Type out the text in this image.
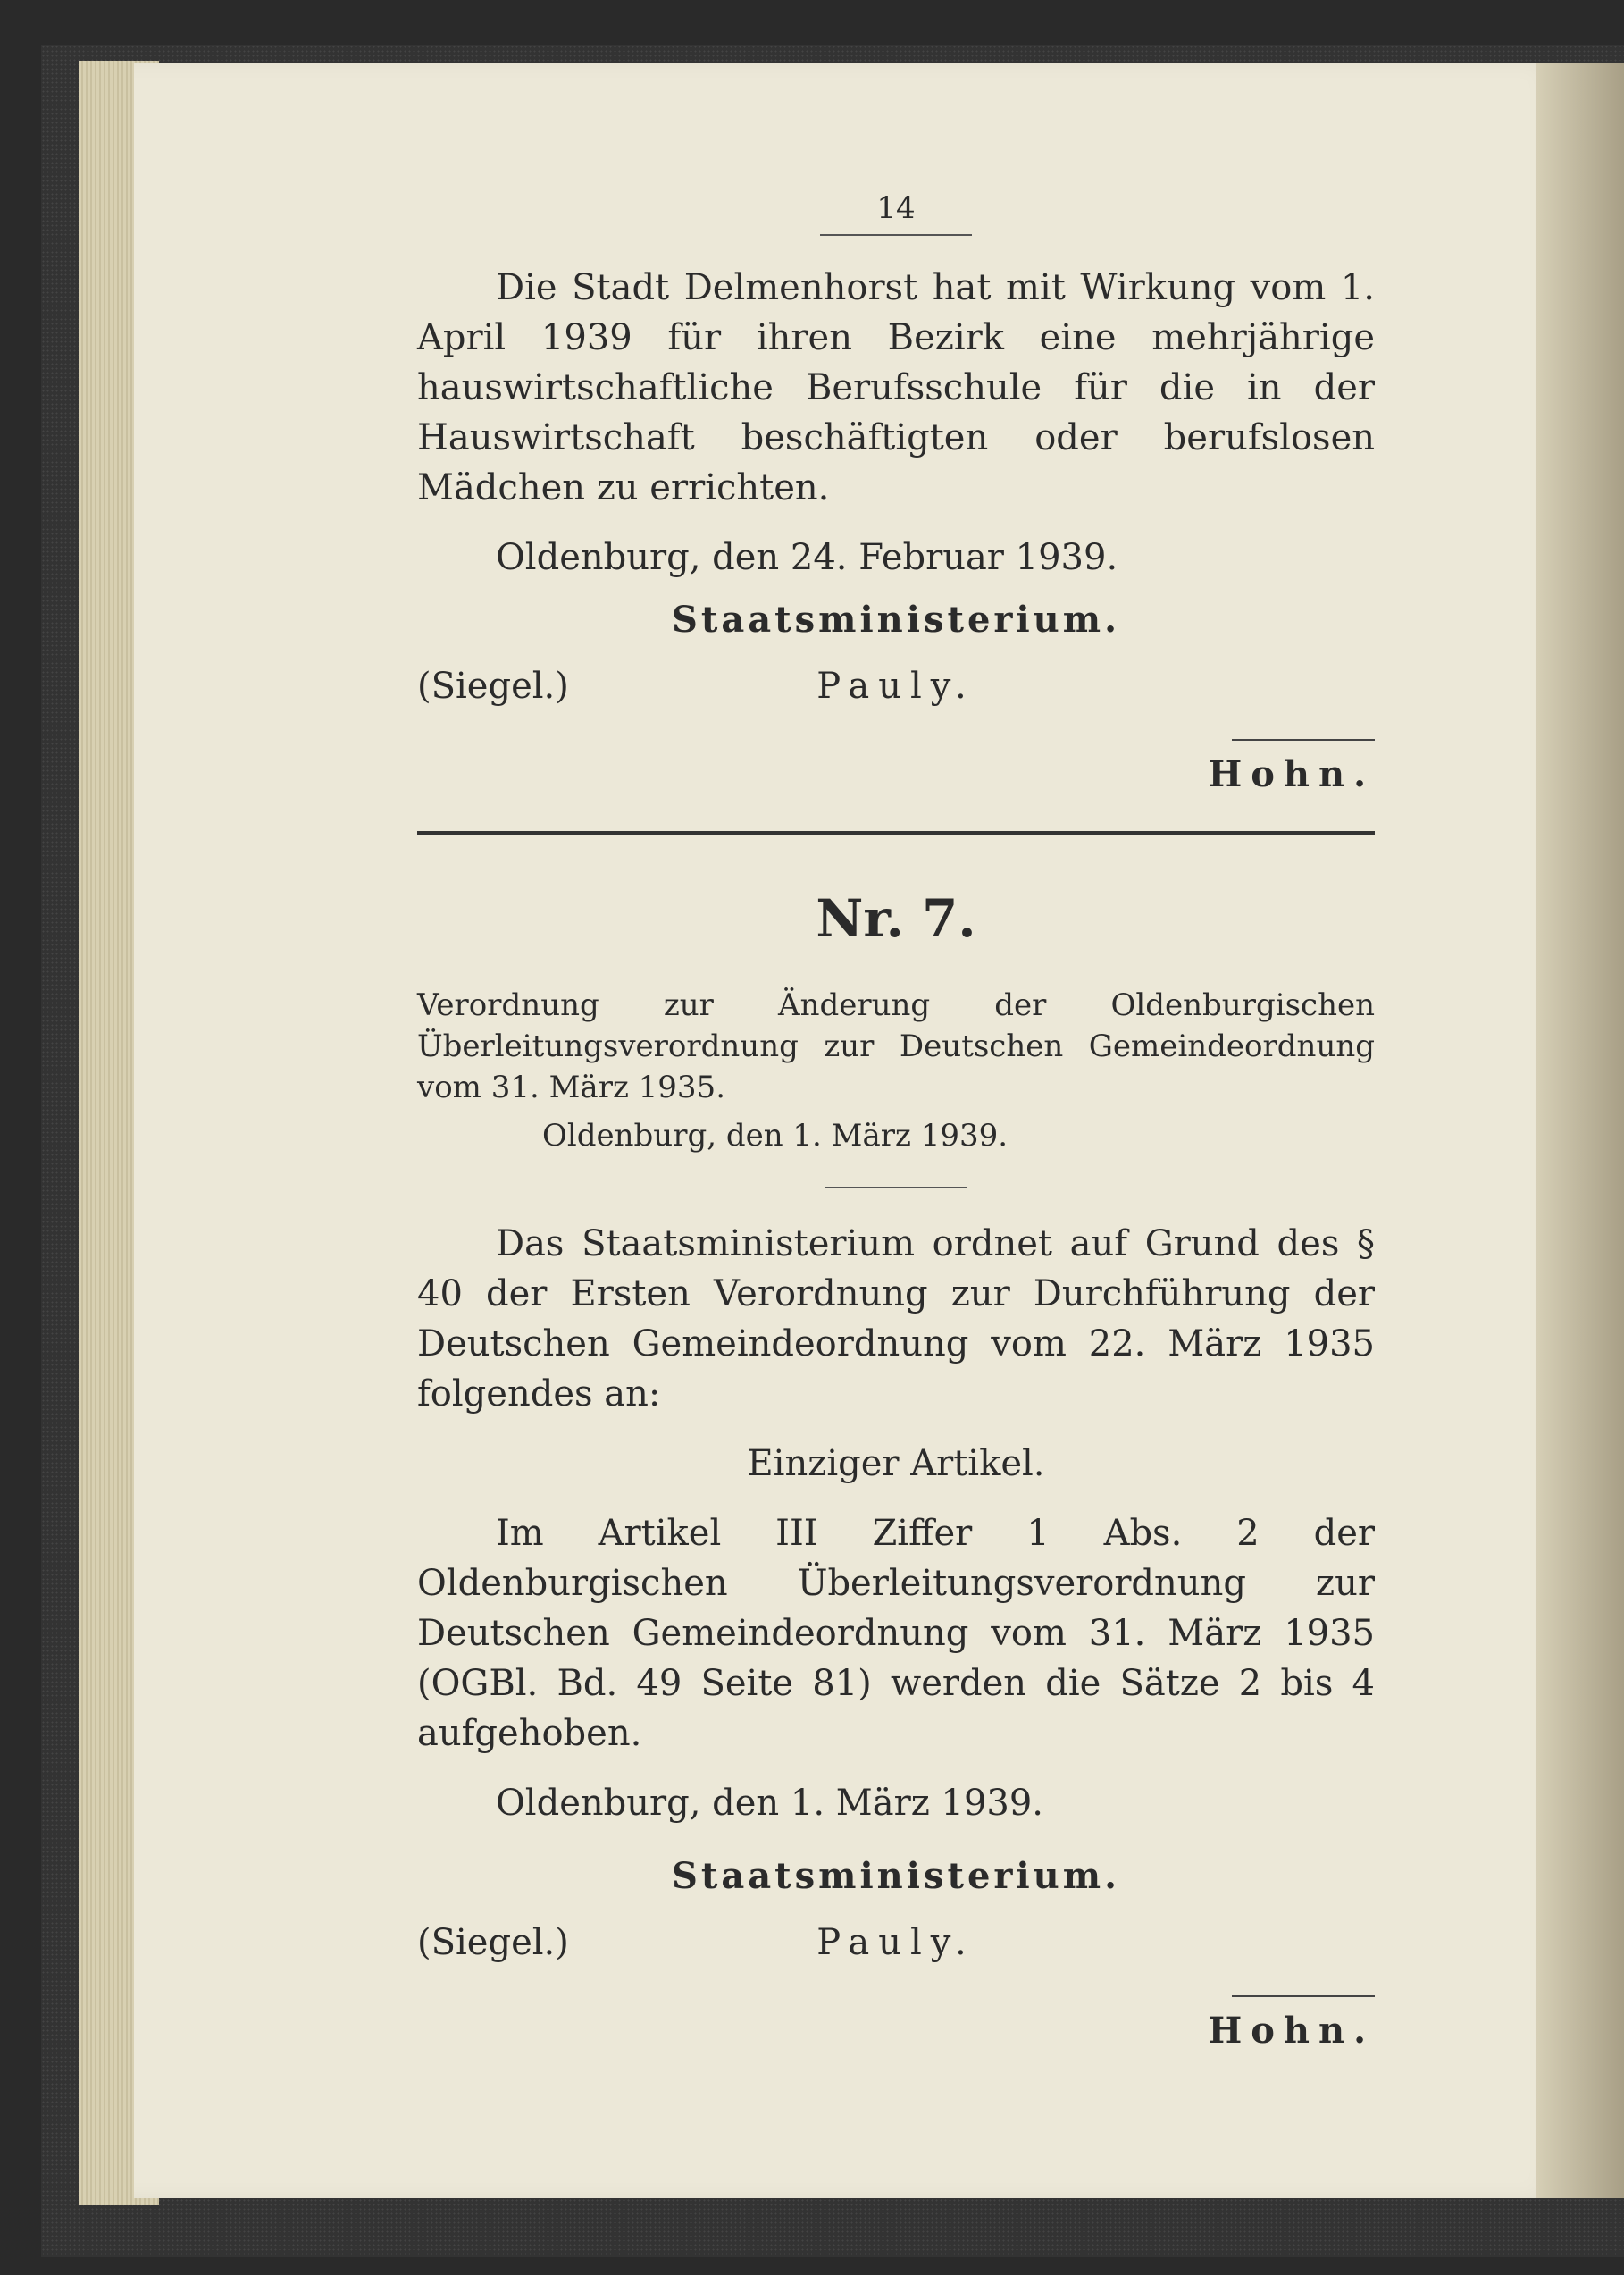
14

Die Stadt Delmenhorst hat mit Wirkung vom 1. April 1939 für ihren Bezirk eine mehrjährige hauswirtschaftliche Berufsschule für die in der Hauswirtschaft beschäftigten oder berufslosen Mädchen zu errichten.

Oldenburg, den 24. Februar 1939.

Staatsministerium.

(Siegel.)	Pauly.
Hohn.

Nr. 7.

Verordnung zur Änderung der Oldenburgischen Überleitungsverordnung zur Deutschen Gemeindeordnung vom 31. März 1935.

Oldenburg, den 1. März 1939.

Das Staatsministerium ordnet auf Grund des § 40 der Ersten Verordnung zur Durchführung der Deutschen Gemeindeordnung vom 22. März 1935 folgendes an:

Einziger Artikel.

Im Artikel III Ziffer 1 Abs. 2 der Oldenburgischen Überleitungsverordnung zur Deutschen Gemeindeordnung vom 31. März 1935 (OGBl. Bd. 49 Seite 81) werden die Sätze 2 bis 4 aufgehoben.

Oldenburg, den 1. März 1939.

Staatsministerium.

(Siegel.)	Pauly.
Hohn.
